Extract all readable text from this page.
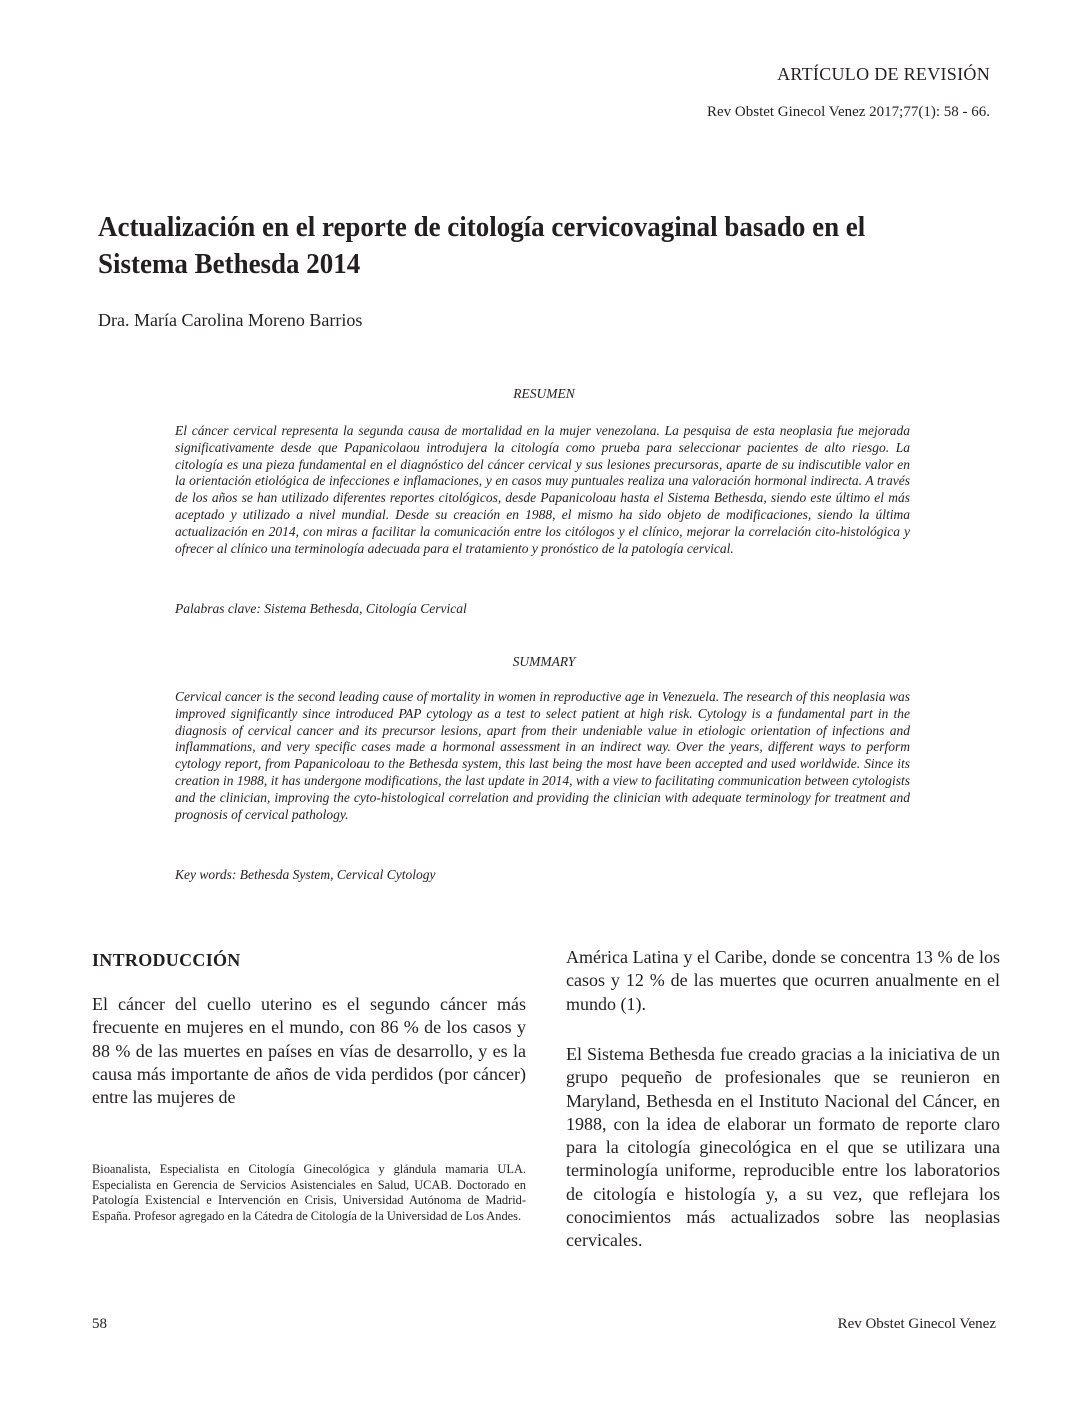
ARTÍCULO DE REVISIÓN
Rev Obstet Ginecol Venez 2017;77(1): 58 - 66.
Actualización en el reporte de citología cervicovaginal basado en el Sistema Bethesda 2014
Dra. María Carolina Moreno Barrios
RESUMEN

El cáncer cervical representa la segunda causa de mortalidad en la mujer venezolana. La pesquisa de esta neoplasia fue mejorada significativamente desde que Papanicolaou introdujera la citología como prueba para seleccionar pacientes de alto riesgo. La citología es una pieza fundamental en el diagnóstico del cáncer cervical y sus lesiones precursoras, aparte de su indiscutible valor en la orientación etiológica de infecciones e inflamaciones, y en casos muy puntuales realiza una valoración hormonal indirecta. A través de los años se han utilizado diferentes reportes citológicos, desde Papanicoloau hasta el Sistema Bethesda, siendo este último el más aceptado y utilizado a nivel mundial. Desde su creación en 1988, el mismo ha sido objeto de modificaciones, siendo la última actualización en 2014, con miras a facilitar la comunicación entre los citólogos y el clínico, mejorar la correlación cito-histológica y ofrecer al clínico una terminología adecuada para el tratamiento y pronóstico de la patología cervical.

Palabras clave: Sistema Bethesda, Citología Cervical
SUMMARY

Cervical cancer is the second leading cause of mortality in women in reproductive age in Venezuela. The research of this neoplasia was improved significantly since introduced PAP cytology as a test to select patient at high risk. Cytology is a fundamental part in the diagnosis of cervical cancer and its precursor lesions, apart from their undeniable value in etiologic orientation of infections and inflammations, and very specific cases made a hormonal assessment in an indirect way. Over the years, different ways to perform cytology report, from Papanicoloau to the Bethesda system, this last being the most have been accepted and used worldwide. Since its creation in 1988, it has undergone modifications, the last update in 2014, with a view to facilitating communication between cytologists and the clinician, improving the cyto-histological correlation and providing the clinician with adequate terminology for treatment and prognosis of cervical pathology.

Key words: Bethesda System, Cervical Cytology
INTRODUCCIÓN

El cáncer del cuello uterino es el segundo cáncer más frecuente en mujeres en el mundo, con 86 % de los casos y 88 % de las muertes en países en vías de desarrollo, y es la causa más importante de años de vida perdidos (por cáncer) entre las mujeres de

América Latina y el Caribe, donde se concentra 13 % de los casos y 12 % de las muertes que ocurren anualmente en el mundo (1).

El Sistema Bethesda fue creado gracias a la iniciativa de un grupo pequeño de profesionales que se reunieron en Maryland, Bethesda en el Instituto Nacional del Cáncer, en 1988, con la idea de elaborar un formato de reporte claro para la citología ginecológica en el que se utilizara una terminología uniforme, reproducible entre los laboratorios de citología e histología y, a su vez, que reflejara los conocimientos más actualizados sobre las neoplasias cervicales.

Bioanalista, Especialista en Citología Ginecológica y glándula mamaria ULA. Especialista en Gerencia de Servicios Asistenciales en Salud, UCAB. Doctorado en Patología Existencial e Intervención en Crisis, Universidad Autónoma de Madrid-España. Profesor agregado en la Cátedra de Citología de la Universidad de Los Andes.

58	Rev Obstet Ginecol Venez
